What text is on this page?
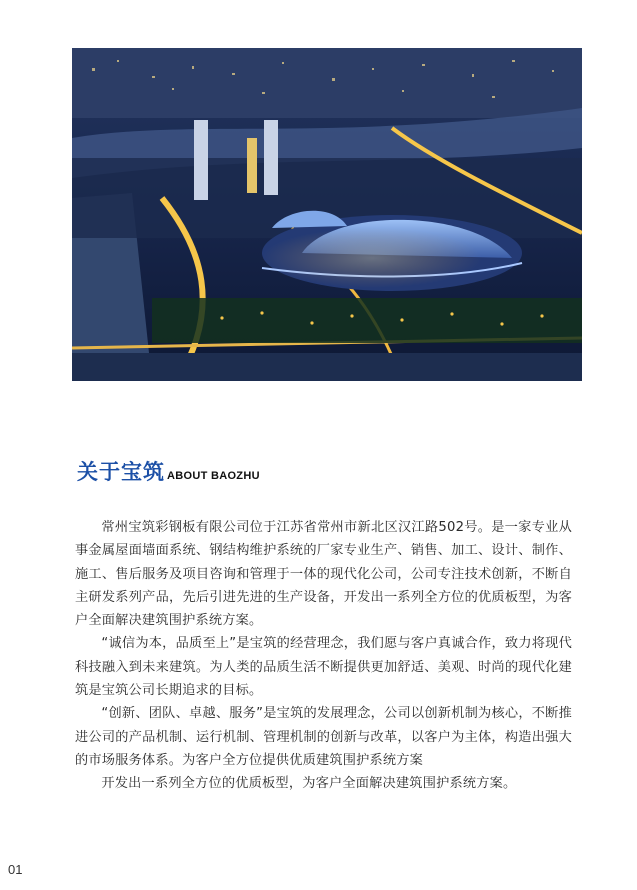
关于宝筑 ABOUT BAOZHU

常州宝筑彩钢板有限公司位于江苏省常州市新北区汉江路502号。是一家专业从事金属屋面墙面系统、钢结构维护系统的厂家专业生产、销售、加工、设计、制作、施工、售后服务及项目咨询和管理于一体的现代化公司，公司专注技术创新，不断自主研发系列产品，先后引进先进的生产设备，开发出一系列全方位的优质板型，为客户全面解决建筑围护系统方案。

“诚信为本，品质至上”是宝筑的经营理念，我们愿与客户真诚合作，致力将现代科技融入到未来建筑。为人类的品质生活不断提供更加舒适、美观、时尚的现代化建筑是宝筑公司长期追求的目标。

“创新、团队、卓越、服务”是宝筑的发展理念，公司以创新机制为核心，不断推进公司的产品机制、运行机制、管理机制的创新与改革，以客户为主体，构造出强大的市场服务体系。为客户全方位提供优质建筑围护系统方案

开发出一系列全方位的优质板型，为客户全面解决建筑围护系统方案。

01
